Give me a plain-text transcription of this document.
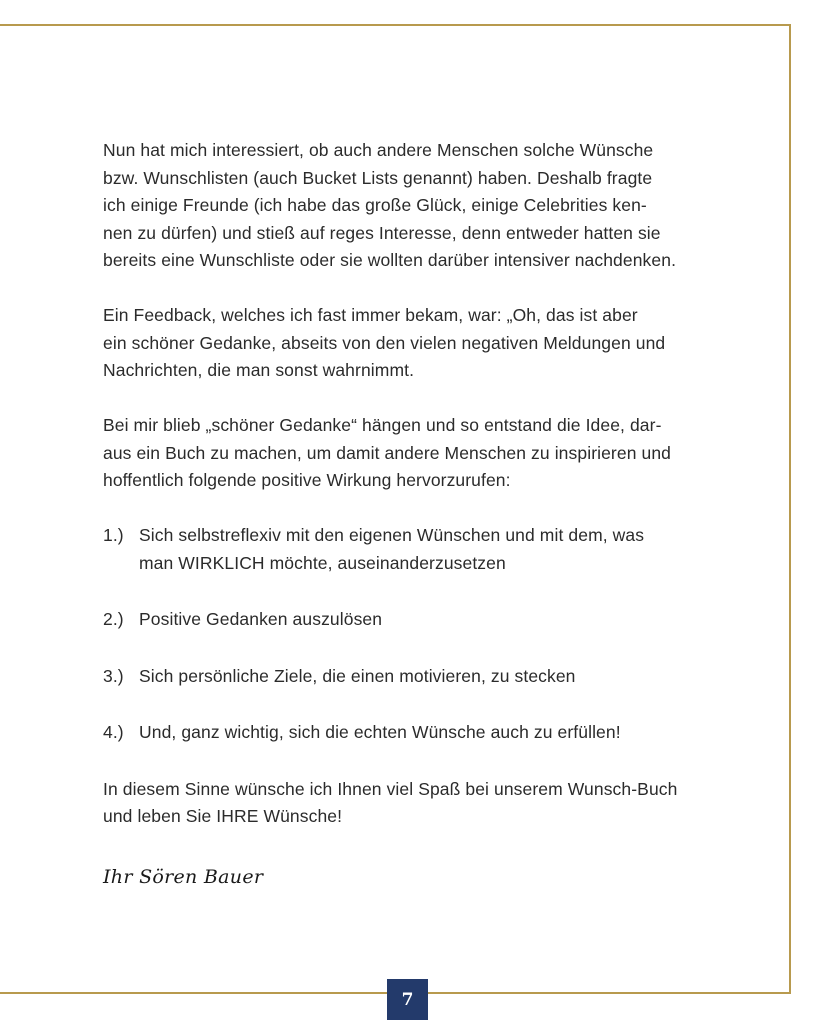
Nun hat mich interessiert, ob auch andere Menschen solche Wünsche
bzw. Wunschlisten (auch Bucket Lists genannt) haben. Deshalb fragte
ich einige Freunde (ich habe das große Glück, einige Celebrities ken-
nen zu dürfen) und stieß auf reges Interesse, denn entweder hatten sie
bereits eine Wunschliste oder sie wollten darüber intensiver nachdenken.

Ein Feedback, welches ich fast immer bekam, war: „Oh, das ist aber
ein schöner Gedanke, abseits von den vielen negativen Meldungen und
Nachrichten, die man sonst wahrnimmt.

Bei mir blieb „schöner Gedanke“ hängen und so entstand die Idee, dar-
aus ein Buch zu machen, um damit andere Menschen zu inspirieren und
hoffentlich folgende positive Wirkung hervorzurufen:

1.) Sich selbstreflexiv mit den eigenen Wünschen und mit dem, was
man WIRKLICH möchte, auseinanderzusetzen
2.) Positive Gedanken auszulösen
3.) Sich persönliche Ziele, die einen motivieren, zu stecken
4.) Und, ganz wichtig, sich die echten Wünsche auch zu erfüllen!

In diesem Sinne wünsche ich Ihnen viel Spaß bei unserem Wunsch-Buch
und leben Sie IHRE Wünsche!

Ihr Sören Bauer
7
